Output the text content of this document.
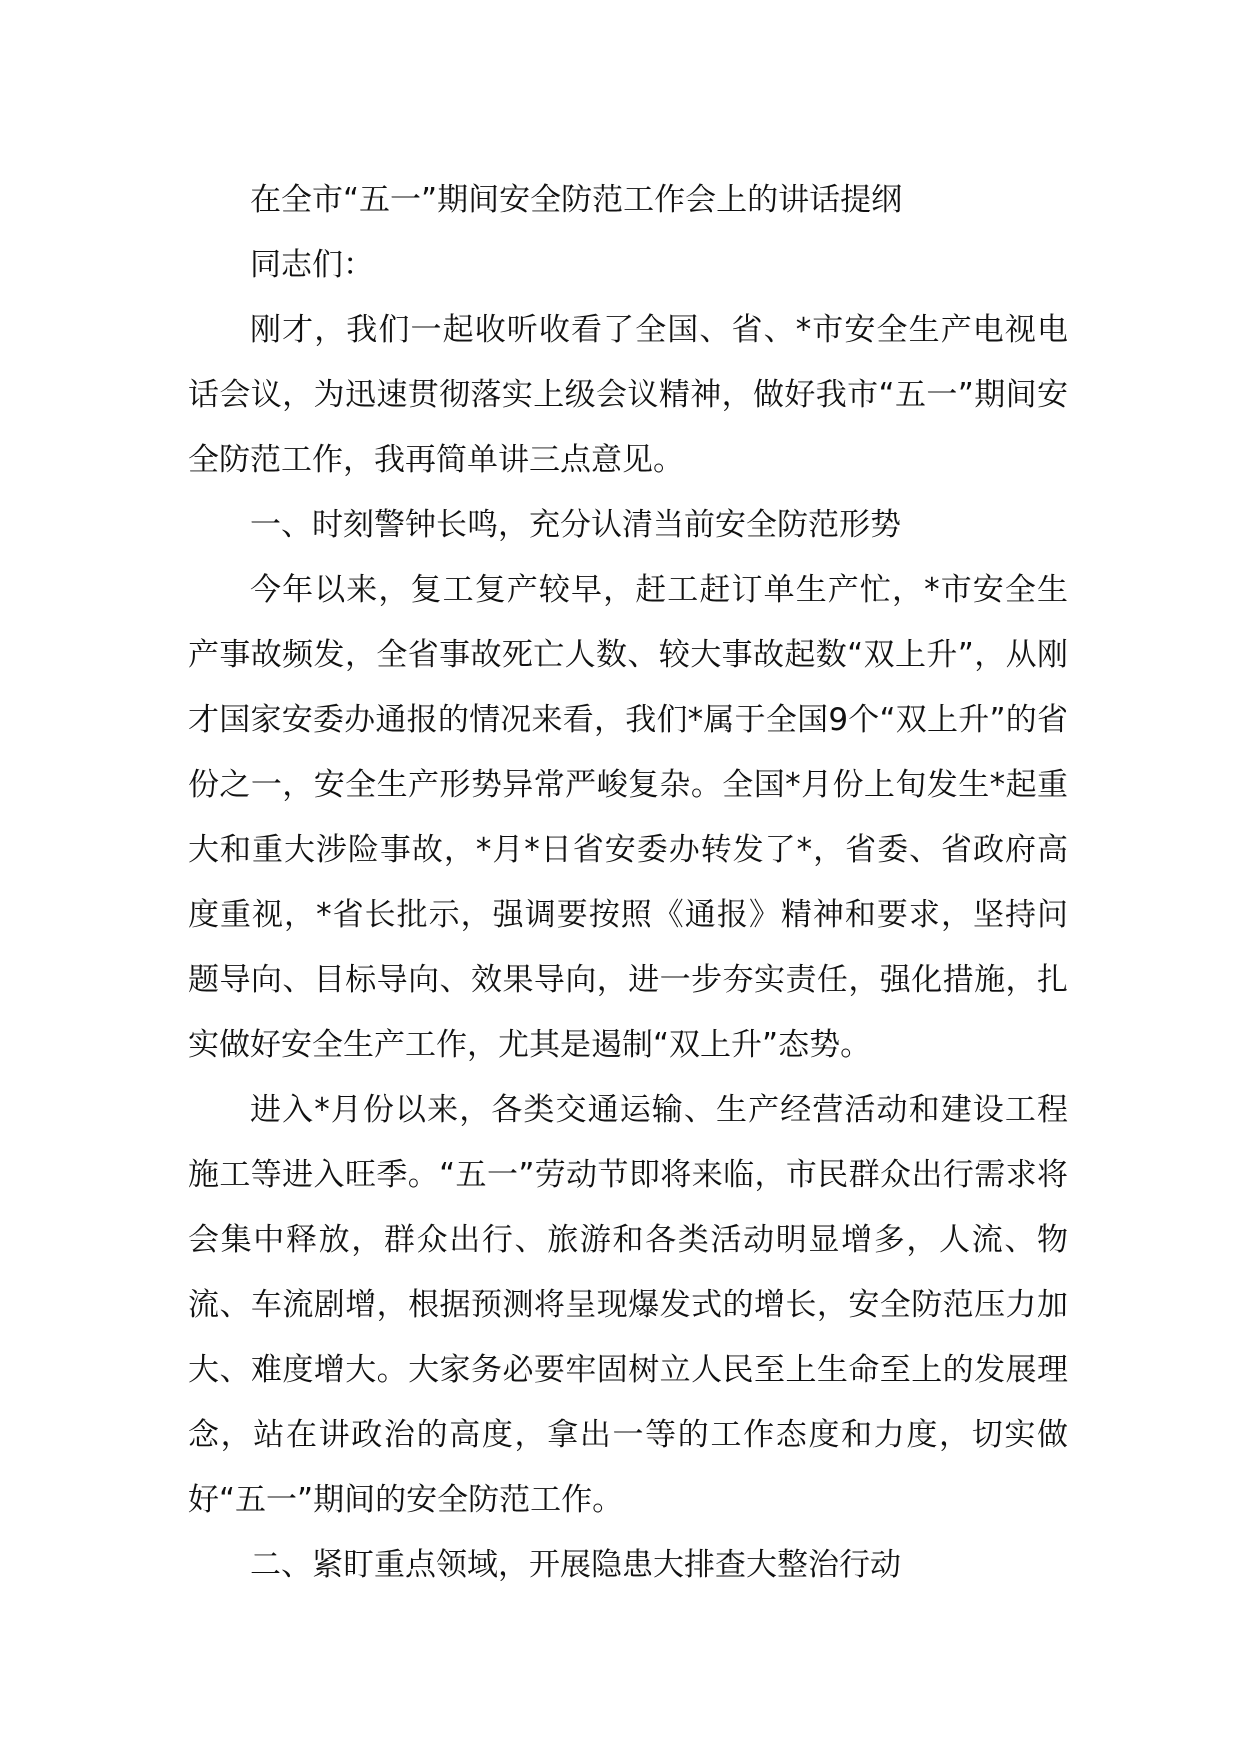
在全市“五一”期间安全防范工作会上的讲话提纲

同志们：

刚才，我们一起收听收看了全国、省、*市安全生产电视电话会议，为迅速贯彻落实上级会议精神，做好我市“五一”期间安全防范工作，我再简单讲三点意见。

一、时刻警钟长鸣，充分认清当前安全防范形势

今年以来，复工复产较早，赶工赶订单生产忙，*市安全生产事故频发，全省事故死亡人数、较大事故起数“双上升”，从刚才国家安委办通报的情况来看，我们*属于全国9个“双上升”的省份之一，安全生产形势异常严峻复杂。全国*月份上旬发生*起重大和重大涉险事故，*月*日省安委办转发了*，省委、省政府高度重视，*省长批示，强调要按照《通报》精神和要求，坚持问题导向、目标导向、效果导向，进一步夯实责任，强化措施，扎实做好安全生产工作，尤其是遏制“双上升”态势。

进入*月份以来，各类交通运输、生产经营活动和建设工程施工等进入旺季。“五一”劳动节即将来临，市民群众出行需求将会集中释放，群众出行、旅游和各类活动明显增多，人流、物流、车流剧增，根据预测将呈现爆发式的增长，安全防范压力加大、难度增大。大家务必要牢固树立人民至上生命至上的发展理念，站在讲政治的高度，拿出一等的工作态度和力度，切实做好“五一”期间的安全防范工作。

二、紧盯重点领域，开展隐患大排查大整治行动
